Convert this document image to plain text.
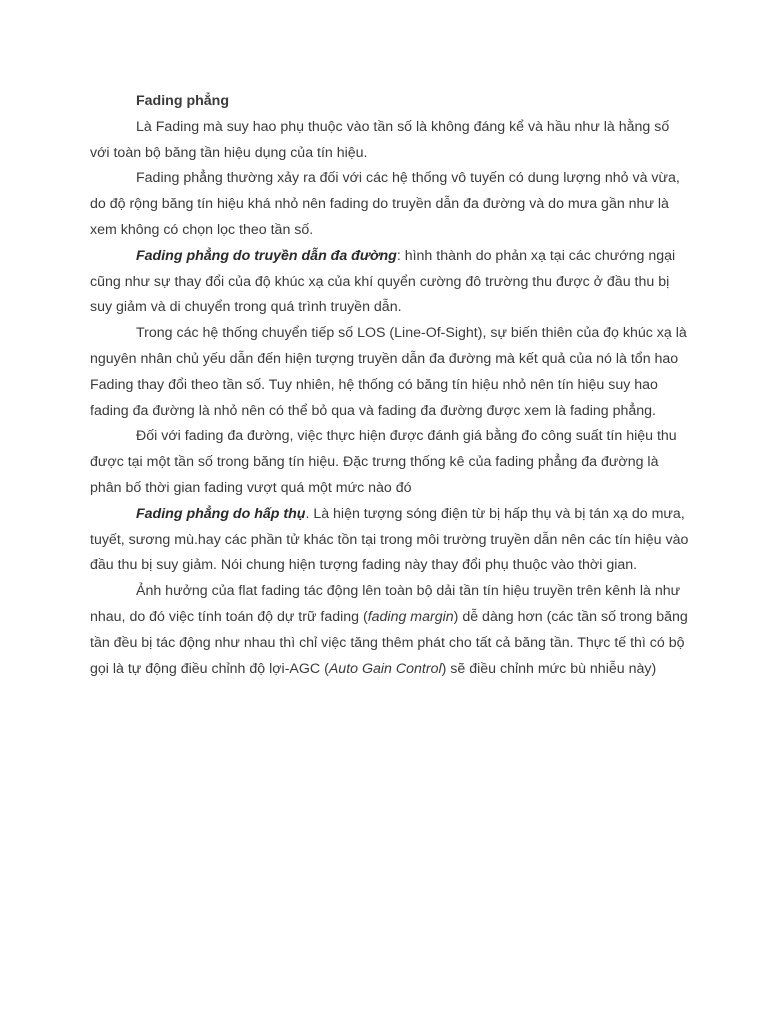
Fading phẳng

Là Fading mà suy hao phụ thuộc vào tần số là không đáng kể và hầu như là hằng số với toàn bộ băng tần hiệu dụng của tín hiệu.

Fading phẳng thường xảy ra đối với các hệ thống vô tuyến có dung lượng nhỏ và vừa, do độ rộng băng tín hiệu khá nhỏ nên fading do truyền dẫn đa đường và do mưa gần như là xem không có chọn lọc theo tần số.

Fading phẳng do truyền dẫn đa đường: hình thành do phản xạ tại các chướng ngại cũng như sự thay đổi của độ khúc xạ của khí quyển cường đô trường thu được ở đầu thu bị suy giảm và di chuyển trong quá trình truyền dẫn.

Trong các hệ thống chuyển tiếp số LOS (Line-Of-Sight), sự biến thiên của đọ khúc xạ là nguyên nhân chủ yếu dẫn đến hiện tượng truyền dẫn đa đường mà kết quả của nó là tổn hao Fading thay đổi theo tần số. Tuy nhiên, hệ thống có băng tín hiệu nhỏ nên tín hiệu suy hao fading đa đường là nhỏ nên có thể bỏ qua và fading đa đường được xem là fading phẳng.

Đối với fading đa đường, việc thực hiện được đánh giá bằng đo công suất tín hiệu thu được tại một tần số trong băng tín hiệu. Đặc trưng thống kê của fading phẳng đa đường là phân bố thời gian fading vượt quá một mức nào đó

Fading phẳng do hấp thụ. Là hiện tượng sóng điện từ bị hấp thụ và bị tán xạ do mưa, tuyết, sương mù.hay các phần tử khác tồn tại trong môi trường truyền dẫn nên các tín hiệu vào đầu thu bị suy giảm. Nói chung hiện tượng fading này thay đổi phụ thuộc vào thời gian.

Ảnh hưởng của flat fading tác động lên toàn bộ dải tần tín hiệu truyền trên kênh là như nhau, do đó việc tính toán độ dự trữ fading (fading margin) dễ dàng hơn (các tần số trong băng tần đều bị tác động như nhau thì chỉ việc tăng thêm phát cho tất cả băng tần. Thực tế thì có bộ gọi là tự động điều chỉnh độ lợi-AGC (Auto Gain Control) sẽ điều chỉnh mức bù nhiễu này)
